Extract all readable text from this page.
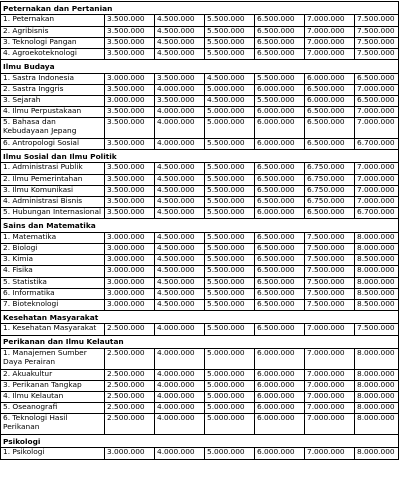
Peternakan dan Pertanian						
1. Peternakan	3.500.000	4.500.000	5.500.000	6.500.000	7.000.000	7.500.000
2. Agribisnis	3.500.000	4.500.000	5.500.000	6.500.000	7.000.000	7.500.000
3. Teknologi Pangan	3.500.000	4.500.000	5.500.000	6.500.000	7.000.000	7.500.000
4. Agroekoteknologi	3.500.000	4.500.000	5.500.000	6.500.000	7.000.000	7.500.000
Ilmu Budaya						
1. Sastra Indonesia	3.000.000	3.500.000	4.500.000	5.500.000	6.000.000	6.500.000
2. Sastra Inggris	3.500.000	4.000.000	5.000.000	6.000.000	6.500.000	7.000.000
3. Sejarah	3.000.000	3.500.000	4.500.000	5.500.000	6.000.000	6.500.000
4. Ilmu Perpustakaan	3.500.000	4.000.000	5.000.000	6.000.000	6.500.000	7.000.000
5. Bahasa dan Kebudayaan Jepang	3.500.000	4.000.000	5.000.000	6.000.000	6.500.000	7.000.000
6. Antropologi Sosial	3.500.000	4.000.000	5.500.000	6.000.000	6.500.000	6.700.000
Ilmu Sosial dan Ilmu Politik						
1. Administrasi Publik	3.500.000	4.500.000	5.500.000	6.500.000	6.750.000	7.000.000
2. Ilmu Pemerintahan	3.500.000	4.500.000	5.500.000	6.500.000	6.750.000	7.000.000
3. Ilmu Komunikasi	3.500.000	4.500.000	5.500.000	6.500.000	6.750.000	7.000.000
4. Administrasi Bisnis	3.500.000	4.500.000	5.500.000	6.500.000	6.750.000	7.000.000
5. Hubungan Internasional	3.500.000	4.500.000	5.500.000	6.000.000	6.500.000	6.700.000
Sains dan Matematika						
1. Matematika	3.000.000	4.500.000	5.500.000	6.500.000	7.500.000	8.000.000
2. Biologi	3.000.000	4.500.000	5.500.000	6.500.000	7.500.000	8.000.000
3. Kimia	3.000.000	4.500.000	5.500.000	6.500.000	7.500.000	8.500.000
4. Fisika	3.000.000	4.500.000	5.500.000	6.500.000	7.500.000	8.000.000
5. Statistika	3.000.000	4.500.000	5.500.000	6.500.000	7.500.000	8.000.000
6. Informatika	3.000.000	4.500.000	5.500.000	6.500.000	7.500.000	8.500.000
7. Bioteknologi	3.000.000	4.500.000	5.500.000	6.500.000	7.500.000	8.500.000
Kesehatan Masyarakat						
1. Kesehatan Masyarakat	2.500.000	4.000.000	5.500.000	6.500.000	7.000.000	7.500.000
Perikanan dan Ilmu Kelautan						
1. Manajemen Sumber Daya Perairan	2.500.000	4.000.000	5.000.000	6.000.000	7.000.000	8.000.000
2. Akuakultur	2.500.000	4.000.000	5.000.000	6.000.000	7.000.000	8.000.000
3. Perikanan Tangkap	2.500.000	4.000.000	5.000.000	6.000.000	7.000.000	8.000.000
4. Ilmu Kelautan	2.500.000	4.000.000	5.000.000	6.000.000	7.000.000	8.000.000
5. Oseanografi	2.500.000	4.000.000	5.000.000	6.000.000	7.000.000	8.000.000
6. Teknologi Hasil Perikanan	2.500.000	4.000.000	5.000.000	6.000.000	7.000.000	8.000.000
Psikologi						
1. Psikologi	3.000.000	4.000.000	5.000.000	6.000.000	7.000.000	8.000.000
